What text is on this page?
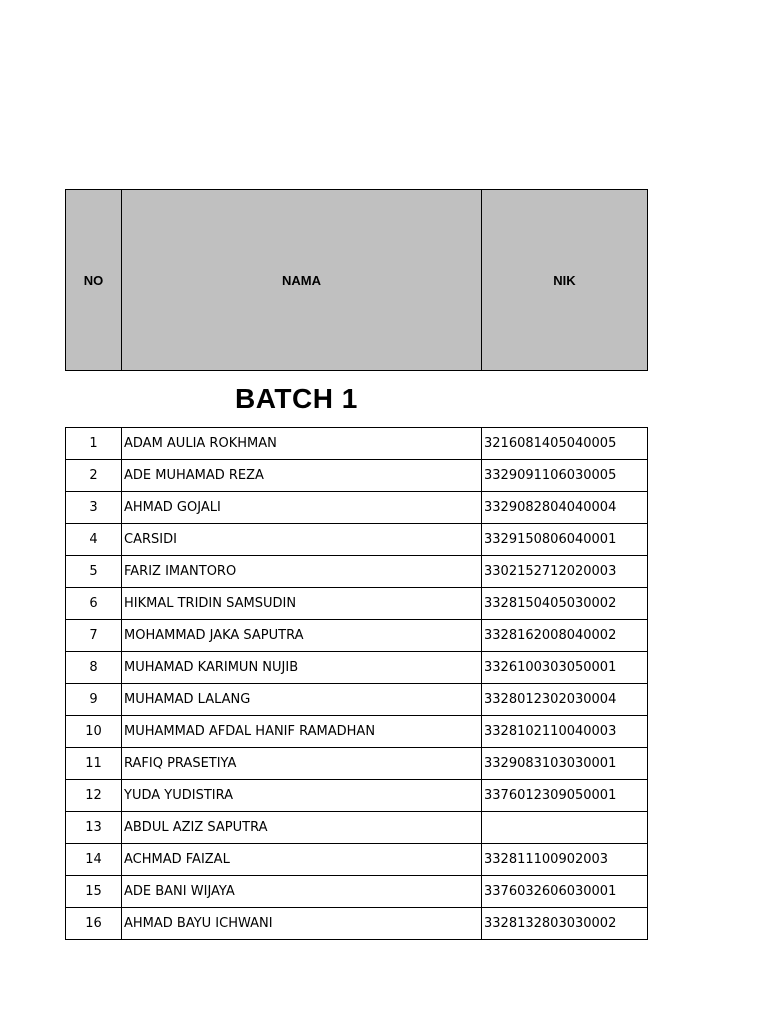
NO	NAMA	NIK
BATCH 1
1	ADAM AULIA ROKHMAN	3216081405040005
2	ADE MUHAMAD REZA	3329091106030005
3	AHMAD GOJALI	3329082804040004
4	CARSIDI	3329150806040001
5	FARIZ IMANTORO	3302152712020003
6	HIKMAL TRIDIN SAMSUDIN	3328150405030002
7	MOHAMMAD JAKA SAPUTRA	3328162008040002
8	MUHAMAD KARIMUN NUJIB	3326100303050001
9	MUHAMAD LALANG	3328012302030004
10	MUHAMMAD AFDAL HANIF RAMADHAN	3328102110040003
11	RAFIQ PRASETIYA	3329083103030001
12	YUDA YUDISTIRA	3376012309050001
13	ABDUL AZIZ SAPUTRA	
14	ACHMAD FAIZAL	332811100902003
15	ADE BANI WIJAYA	3376032606030001
16	AHMAD BAYU ICHWANI	3328132803030002
